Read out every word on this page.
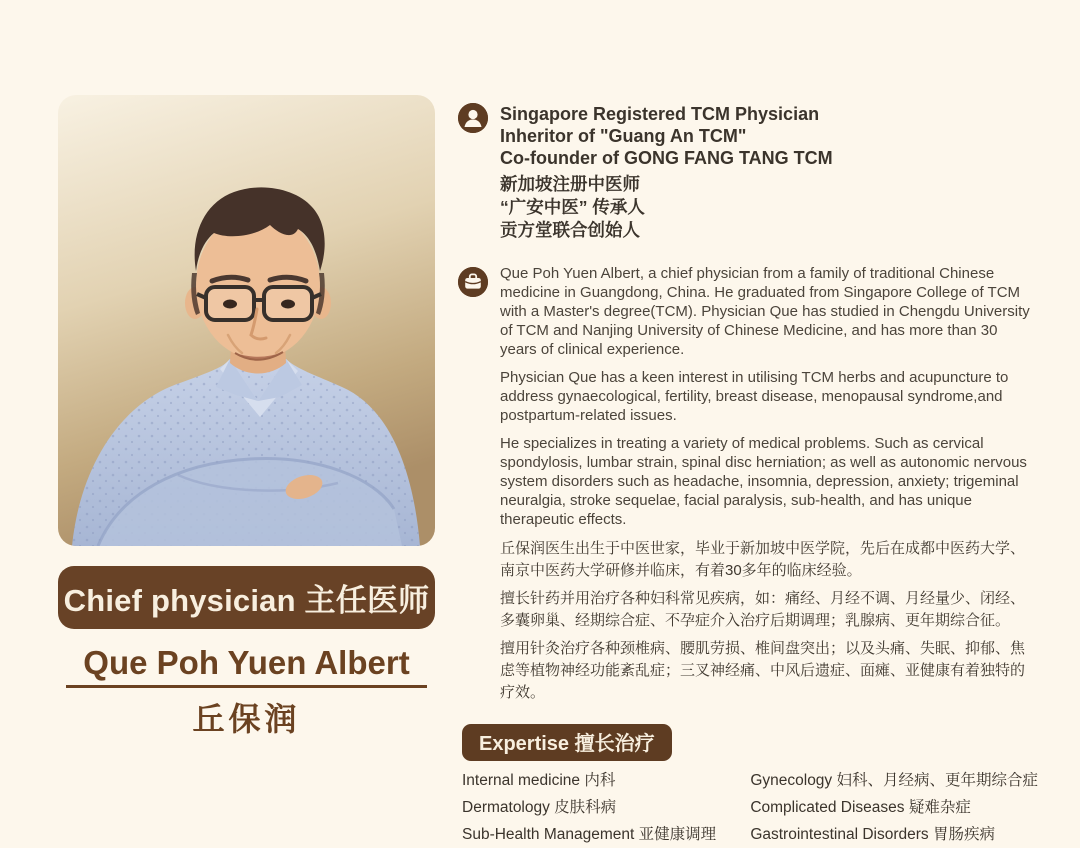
Chief physician 主任医师
Que Poh Yuen Albert
丘保润
Singapore Registered TCM Physician
Inheritor of "Guang An TCM"
Co-founder of GONG FANG TANG TCM
新加坡注册中医师
“广安中医” 传承人
贡方堂联合创始人

Que Poh Yuen Albert, a chief physician from a family of traditional Chinese medicine in Guangdong, China. He graduated from Singapore College of TCM with a Master's degree(TCM). Physician Que has studied in Chengdu University of TCM and Nanjing University of Chinese Medicine, and has more than 30 years of clinical experience.

Physician Que has a keen interest in utilising TCM herbs and acupuncture to address gynaecological, fertility, breast disease, menopausal syndrome,and postpartum-related issues.

He specializes in treating a variety of medical problems. Such as cervical spondylosis, lumbar strain, spinal disc herniation; as well as autonomic nervous system disorders such as headache, insomnia, depression, anxiety; trigeminal neuralgia, stroke sequelae, facial paralysis, sub-health, and has unique therapeutic effects.

丘保润医生出生于中医世家，毕业于新加坡中医学院，先后在成都中医药大学、南京中医药大学研修并临床，有着30多年的临床经验。

擅长针药并用治疗各种妇科常见疾病，如：痛经、月经不调、月经量少、闭经、多囊卵巢、经期综合症、不孕症介入治疗后期调理；乳腺病、更年期综合征。

擅用针灸治疗各种颈椎病、腰肌劳损、椎间盘突出；以及头痛、失眠、抑郁、焦虑等植物神经功能紊乱症；三叉神经痛、中风后遗症、面瘫、亚健康有着独特的疗效。

Expertise 擅长治疗
Internal medicine 内科
Dermatology 皮肤科病
Sub-Health Management 亚健康调理
Gynecology 妇科、月经病、更年期综合症
Complicated Diseases 疑难杂症
Gastrointestinal Disorders 胃肠疾病
